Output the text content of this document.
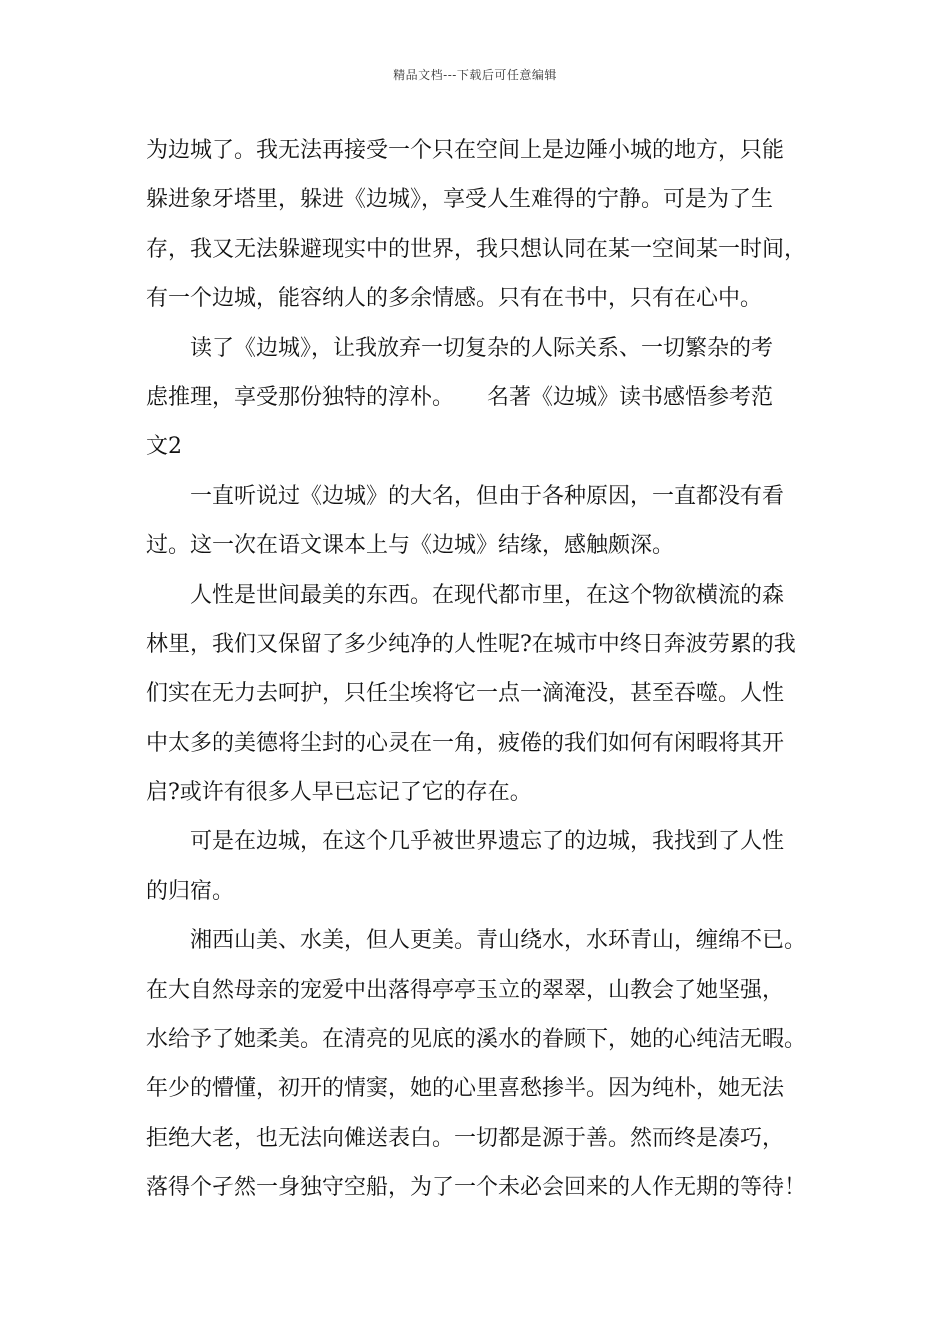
精品文档---下载后可任意编辑
为边城了。我无法再接受一个只在空间上是边陲小城的地方，只能
躲进象牙塔里，躲进《边城》，享受人生难得的宁静。可是为了生
存，我又无法躲避现实中的世界，我只想认同在某一空间某一时间，
有一个边城，能容纳人的多余情感。只有在书中，只有在心中。
读了《边城》，让我放弃一切复杂的人际关系、一切繁杂的考
虑推理，享受那份独特的淳朴。　　名著《边城》读书感悟参考范
文2
一直听说过《边城》的大名，但由于各种原因，一直都没有看
过。这一次在语文课本上与《边城》结缘，感触颇深。
人性是世间最美的东西。在现代都市里，在这个物欲横流的森
林里，我们又保留了多少纯净的人性呢?在城市中终日奔波劳累的我
们实在无力去呵护，只任尘埃将它一点一滴淹没，甚至吞噬。人性
中太多的美德将尘封的心灵在一角，疲倦的我们如何有闲暇将其开
启?或许有很多人早已忘记了它的存在。
可是在边城，在这个几乎被世界遗忘了的边城，我找到了人性
的归宿。
湘西山美、水美，但人更美。青山绕水，水环青山，缠绵不已。
在大自然母亲的宠爱中出落得亭亭玉立的翠翠，山教会了她坚强，
水给予了她柔美。在清亮的见底的溪水的眷顾下，她的心纯洁无暇。
年少的懵懂，初开的情窦，她的心里喜愁掺半。因为纯朴，她无法
拒绝大老，也无法向傩送表白。一切都是源于善。然而终是凑巧，
落得个孑然一身独守空船，为了一个未必会回来的人作无期的等待！
